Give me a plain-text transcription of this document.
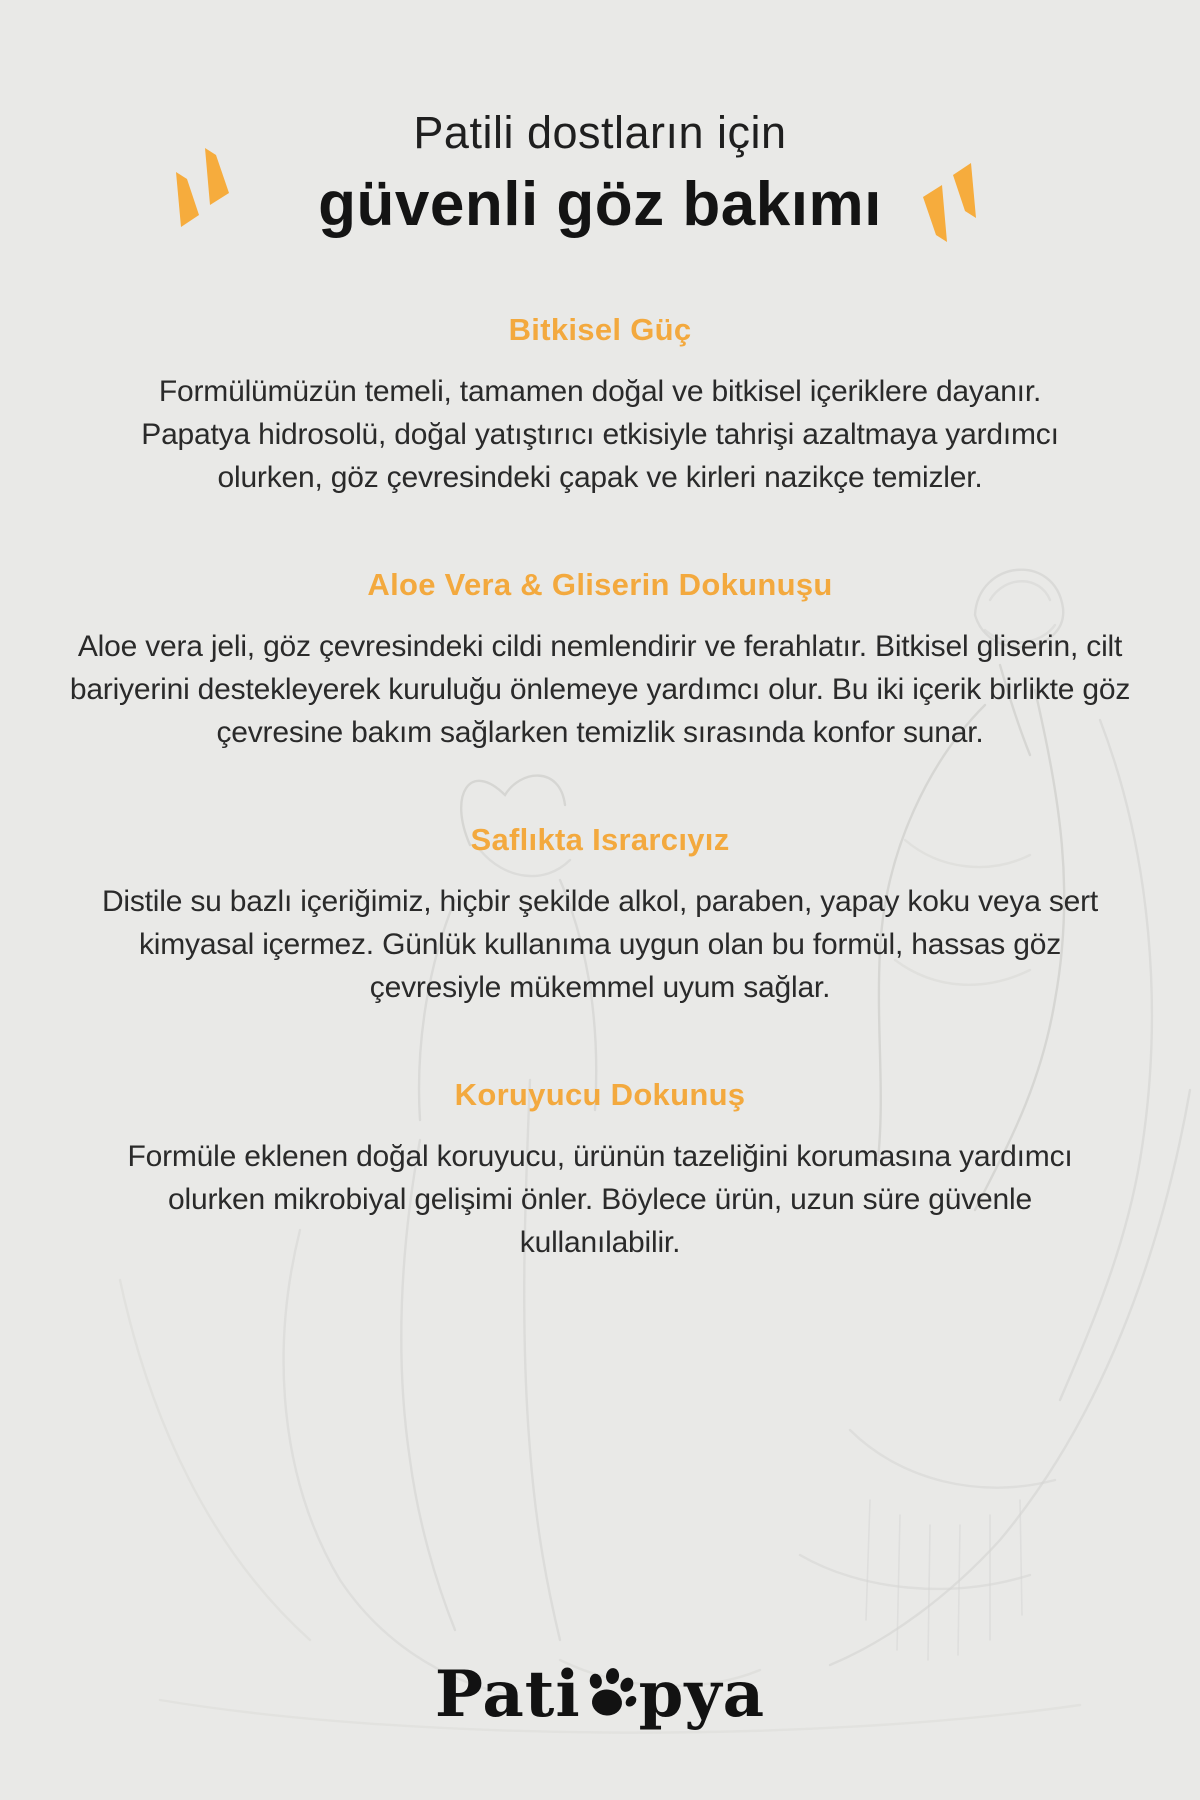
Patili dostların için
güvenli göz bakımı
Bitkisel Güç

Formülümüzün temeli, tamamen doğal ve bitkisel içeriklere dayanır. Papatya hidrosolü, doğal yatıştırıcı etkisiyle tahrişi azaltmaya yardımcı olurken, göz çevresindeki çapak ve kirleri nazikçe temizler.

Aloe Vera & Gliserin Dokunuşu

Aloe vera jeli, göz çevresindeki cildi nemlendirir ve ferahlatır. Bitkisel gliserin, cilt bariyerini destekleyerek kuruluğu önlemeye yardımcı olur. Bu iki içerik birlikte göz çevresine bakım sağlarken temizlik sırasında konfor sunar.

Saflıkta Israrcıyız

Distile su bazlı içeriğimiz, hiçbir şekilde alkol, paraben, yapay koku veya sert kimyasal içermez. Günlük kullanıma uygun olan bu formül, hassas göz çevresiyle mükemmel uyum sağlar.

Koruyucu Dokunuş

Formüle eklenen doğal koruyucu, ürünün tazeliğini korumasına yardımcı olurken mikrobiyal gelişimi önler. Böylece ürün, uzun süre güvenle kullanılabilir.

Pati pya
